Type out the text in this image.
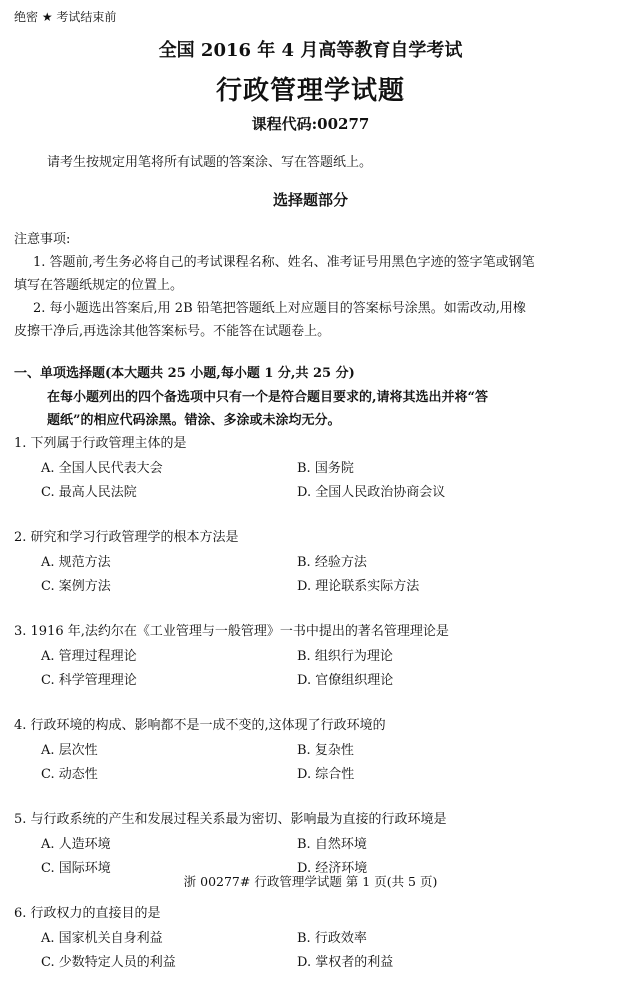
绝密 ★ 考试结束前
全国 2016 年 4 月高等教育自学考试
行政管理学试题
课程代码:00277
请考生按规定用笔将所有试题的答案涂、写在答题纸上。
选择题部分
注意事项:
1. 答题前,考生务必将自己的考试课程名称、姓名、准考证号用黑色字迹的签字笔或钢笔
填写在答题纸规定的位置上。
2. 每小题选出答案后,用 2B 铅笔把答题纸上对应题目的答案标号涂黑。如需改动,用橡
皮擦干净后,再选涂其他答案标号。不能答在试题卷上。
一、单项选择题(本大题共 25 小题,每小题 1 分,共 25 分)
在每小题列出的四个备选项中只有一个是符合题目要求的,请将其选出并将“答
题纸”的相应代码涂黑。错涂、多涂或未涂均无分。
1. 下列属于行政管理主体的是
A. 全国人民代表大会	B. 国务院
C. 最高人民法院	D. 全国人民政治协商会议
2. 研究和学习行政管理学的根本方法是
A. 规范方法	B. 经验方法
C. 案例方法	D. 理论联系实际方法
3. 1916 年,法约尔在《工业管理与一般管理》一书中提出的著名管理理论是
A. 管理过程理论	B. 组织行为理论
C. 科学管理理论	D. 官僚组织理论
4. 行政环境的构成、影响都不是一成不变的,这体现了行政环境的
A. 层次性	B. 复杂性
C. 动态性	D. 综合性
5. 与行政系统的产生和发展过程关系最为密切、影响最为直接的行政环境是
A. 人造环境	B. 自然环境
C. 国际环境	D. 经济环境
6. 行政权力的直接目的是
A. 国家机关自身利益	B. 行政效率
C. 少数特定人员的利益	D. 掌权者的利益
浙 00277# 行政管理学试题 第 1 页(共 5 页)
